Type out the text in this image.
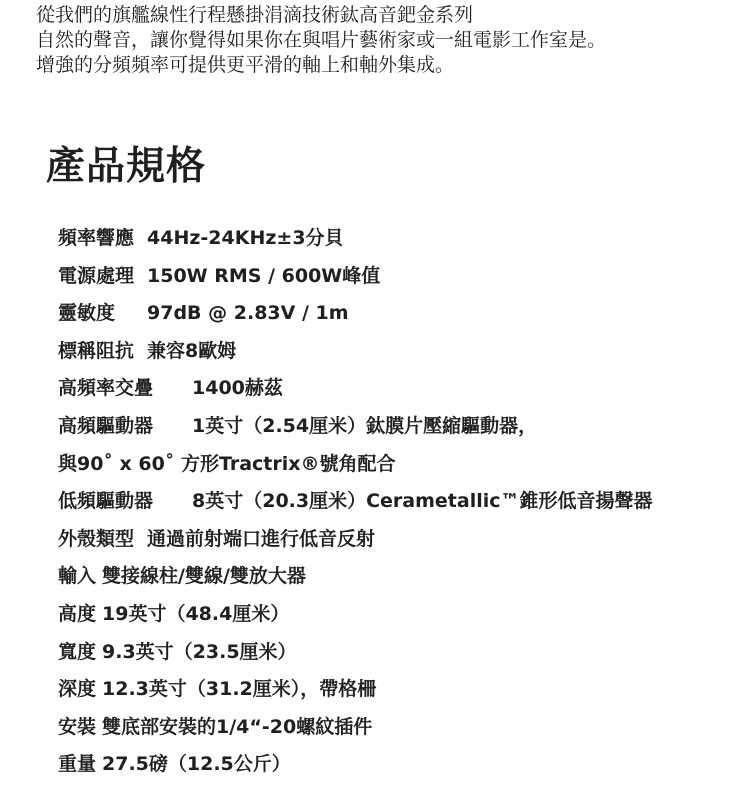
從我們的旗艦線性行程懸掛涓滴技術鈦高音鈀金系列
自然的聲音，讓你覺得如果你在與唱片藝術家或一組電影工作室是。
增強的分頻頻率可提供更平滑的軸上和軸外集成。
產品規格
頻率響應 44Hz-24KHz±3分貝
電源處理 150W RMS / 600W峰值
靈敏度 97dB @ 2.83V / 1m
標稱阻抗 兼容8歐姆
高頻率交疊 1400赫茲
高頻驅動器 1英寸（2.54厘米）鈦膜片壓縮驅動器，
與90˚ x 60˚ 方形Tractrix®號角配合
低頻驅動器 8英寸（20.3厘米）Cerametallic™錐形低音揚聲器
外殼類型 通過前射端口進行低音反射
輸入 雙接線柱/雙線/雙放大器
高度 19英寸（48.4厘米）
寬度 9.3英寸（23.5厘米）
深度 12.3英寸（31.2厘米），帶格柵
安裝 雙底部安裝的1/4“-20螺紋插件
重量 27.5磅（12.5公斤）
